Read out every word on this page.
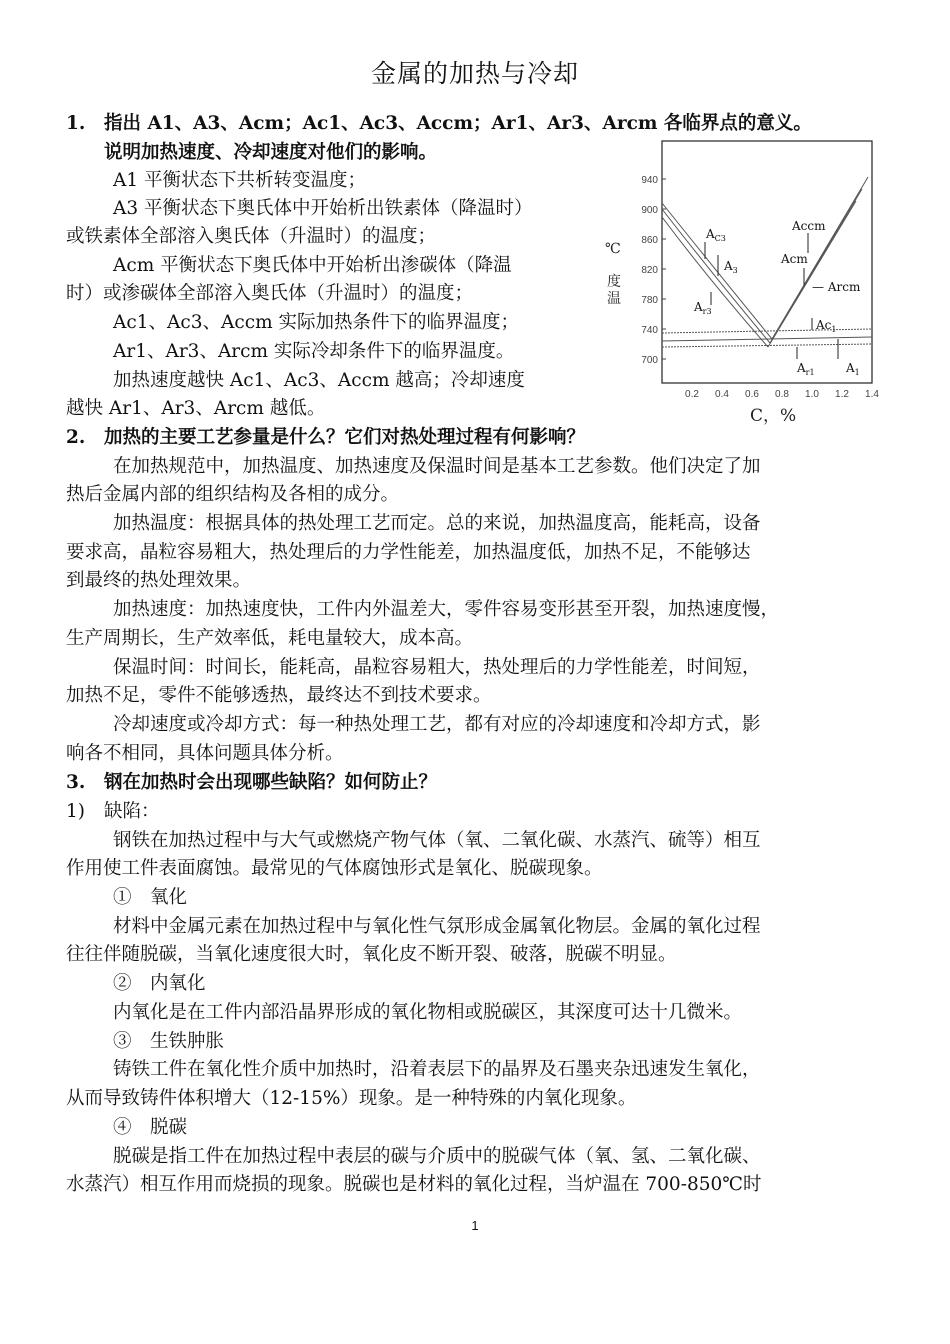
金属的加热与冷却
1. 指出 A1、A3、Acm；Ac1、Ac3、Accm；Ar1、Ar3、Arcm 各临界点的意义。
说明加热速度、冷却速度对他们的影响。
A1 平衡状态下共析转变温度；
A3 平衡状态下奥氏体中开始析出铁素体（降温时）
或铁素体全部溶入奥氏体（升温时）的温度；
Acm 平衡状态下奥氏体中开始析出渗碳体（降温
时）或渗碳体全部溶入奥氏体（升温时）的温度；
Ac1、Ac3、Accm 实际加热条件下的临界温度；
Ar1、Ar3、Arcm 实际冷却条件下的临界温度。
加热速度越快 Ac1、Ac3、Accm 越高；冷却速度
越快 Ar1、Ar3、Arcm 越低。
940
900
860
820
780
740
700
0.2 0.4 0.6 0.8 1.0 1.2 1.4
℃
度
温
C，%
$A_{C3}$
$A_3$
$A_{r3}$
Accm
Acm
— Arcm
$Ac_1$
$A_{r1}$	$A_1$
2. 加热的主要工艺参量是什么？它们对热处理过程有何影响？
在加热规范中，加热温度、加热速度及保温时间是基本工艺参数。他们决定了加
热后金属内部的组织结构及各相的成分。
加热温度：根据具体的热处理工艺而定。总的来说，加热温度高，能耗高，设备
要求高，晶粒容易粗大，热处理后的力学性能差，加热温度低，加热不足，不能够达
到最终的热处理效果。
加热速度：加热速度快，工件内外温差大，零件容易变形甚至开裂，加热速度慢，
生产周期长，生产效率低，耗电量较大，成本高。
保温时间：时间长，能耗高，晶粒容易粗大，热处理后的力学性能差，时间短，
加热不足，零件不能够透热，最终达不到技术要求。
冷却速度或冷却方式：每一种热处理工艺，都有对应的冷却速度和冷却方式，影
响各不相同，具体问题具体分析。
3. 钢在加热时会出现哪些缺陷？如何防止？
1) 缺陷：
钢铁在加热过程中与大气或燃烧产物气体（氧、二氧化碳、水蒸汽、硫等）相互
作用使工件表面腐蚀。最常见的气体腐蚀形式是氧化、脱碳现象。
①　氧化
材料中金属元素在加热过程中与氧化性气氛形成金属氧化物层。金属的氧化过程
往往伴随脱碳，当氧化速度很大时，氧化皮不断开裂、破落，脱碳不明显。
②　内氧化
内氧化是在工件内部沿晶界形成的氧化物相或脱碳区，其深度可达十几微米。
③　生铁肿胀
铸铁工件在氧化性介质中加热时，沿着表层下的晶界及石墨夹杂迅速发生氧化，
从而导致铸件体积增大（12-15%）现象。是一种特殊的内氧化现象。
④　脱碳
脱碳是指工件在加热过程中表层的碳与介质中的脱碳气体（氧、氢、二氧化碳、
水蒸汽）相互作用而烧损的现象。脱碳也是材料的氧化过程，当炉温在 700-850℃时
1
